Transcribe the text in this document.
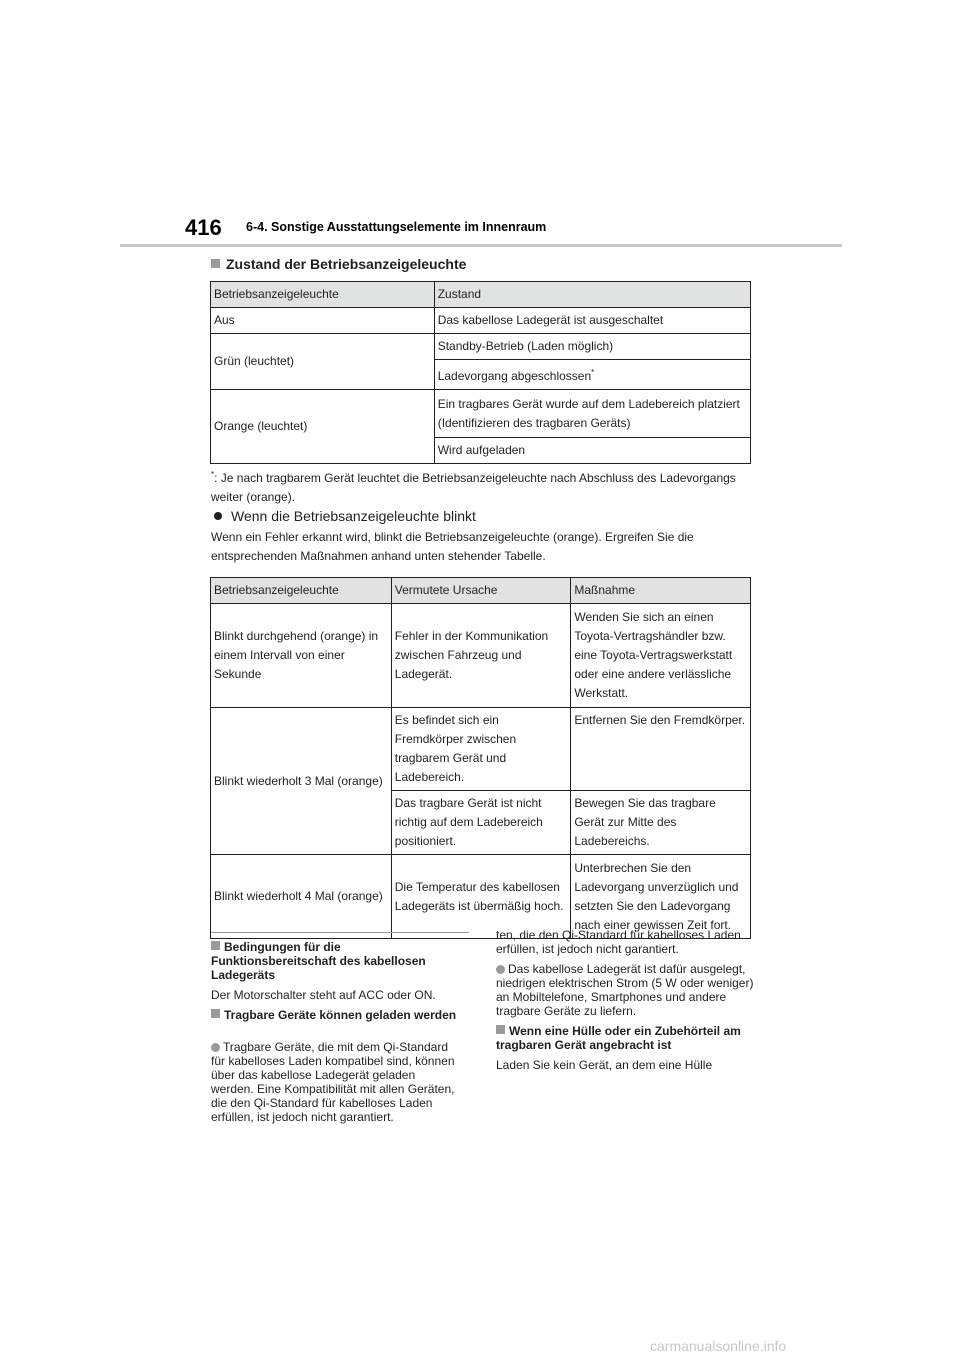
416 6-4. Sonstige Ausstattungselemente im Innenraum
Zustand der Betriebsanzeigeleuchte
Betriebsanzeigeleuchte	Zustand
Aus	Das kabellose Ladegerät ist ausgeschaltet
Grün (leuchtet)	Standby-Betrieb (Laden möglich)
	Ladevorgang abgeschlossen*
Orange (leuchtet)	Ein tragbares Gerät wurde auf dem Ladebereich platziert (Identifizieren des tragbaren Geräts)
	Wird aufgeladen
*: Je nach tragbarem Gerät leuchtet die Betriebsanzeigeleuchte nach Abschluss des Ladevorgangs weiter (orange).
Wenn die Betriebsanzeigeleuchte blinkt
Wenn ein Fehler erkannt wird, blinkt die Betriebsanzeigeleuchte (orange). Ergreifen Sie die entsprechenden Maßnahmen anhand unten stehender Tabelle.
Betriebsanzeigeleuchte	Vermutete Ursache	Maßnahme
Blinkt durchgehend (orange) in einem Intervall von einer Sekunde	Fehler in der Kommunikation zwischen Fahrzeug und Ladegerät.	Wenden Sie sich an einen Toyota-Vertragshändler bzw. eine Toyota-Vertragswerkstatt oder eine andere verlässliche Werkstatt.
Blinkt wiederholt 3 Mal (orange)	Es befindet sich ein Fremdkörper zwischen tragbarem Gerät und Ladebereich.	Entfernen Sie den Fremdkörper.
	Das tragbare Gerät ist nicht richtig auf dem Ladebereich positioniert.	Bewegen Sie das tragbare Gerät zur Mitte des Ladebereichs.
Blinkt wiederholt 4 Mal (orange)	Die Temperatur des kabellosen Ladegeräts ist übermäßig hoch.	Unterbrechen Sie den Ladevorgang unverzüglich und setzten Sie den Ladevorgang nach einer gewissen Zeit fort.

Bedingungen für die Funktionsbereitschaft des kabellosen Ladegeräts

Der Motorschalter steht auf ACC oder ON.

Tragbare Geräte können geladen werden

Tragbare Geräte, die mit dem Qi-Standard für kabelloses Laden kompatibel sind, können über das kabellose Ladegerät geladen werden. Eine Kompatibilität mit allen Geräten, die den Qi-Standard für kabelloses Laden erfüllen, ist jedoch nicht garantiert.

ten, die den Qi-Standard für kabelloses Laden erfüllen, ist jedoch nicht garantiert.

Das kabellose Ladegerät ist dafür ausgelegt, niedrigen elektrischen Strom (5 W oder weniger) an Mobiltelefone, Smartphones und andere tragbare Geräte zu liefern.

Wenn eine Hülle oder ein Zubehörteil am tragbaren Gerät angebracht ist

Laden Sie kein Gerät, an dem eine Hülle

carmanualsonline.info
